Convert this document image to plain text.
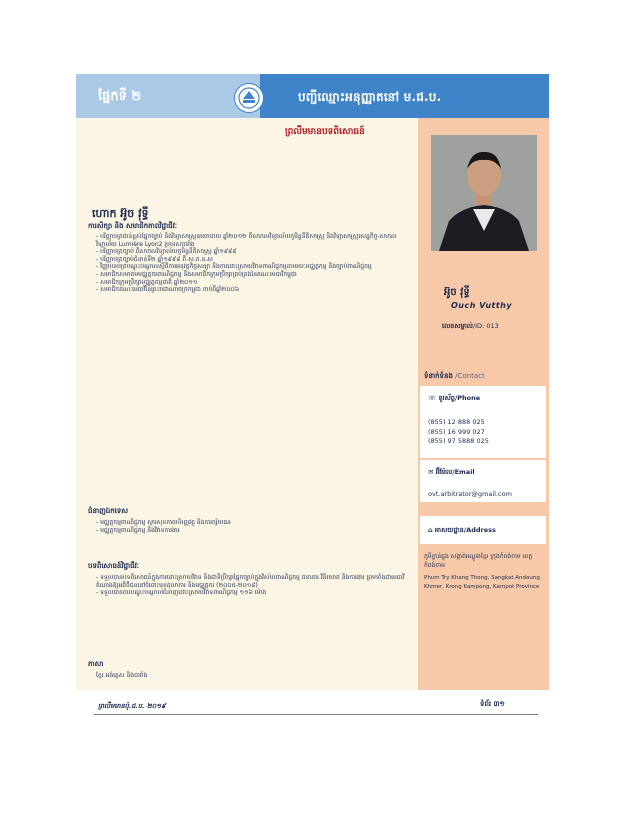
ផ្នែកទី ២	បញ្ជីឈ្មោះអនុញ្ញាតនៅ ម.ជ.ប.
ព្រលឹមមានបទពិសោធន៍
អ៊ូច វុទ្ធី
Ouch Vutthy
លេខសម្គាល់/ID: 013
ទំនាក់ទំនង /Contact
☏ ទូរស័ព្ទ/Phone
(855) 12 888 025
(855) 16 999 027
(855) 97 5888 025
✉ អ៊ីម៉ែល/Email
ovt.arbitrator@gmail.com
⌂ អាសយដ្ឋាន/Address
ភូមិខ្វាន់ធ្លុង សង្កាត់អណ្តូងខ្មែរ ក្រុងកំពង់ចាម ខេត្តកំពង់ចាម
Phum Try Khang Thong, Sangkat Andaung Khmer, Krong Kampong, Kampot Province
ហោក អ៊ូច វុទ្ធី
ការសិក្សា និង សមាជិកភាពវិជ្ជាជីវៈ

- បរិញ្ញាបត្រជាន់ខ្ពស់ផ្នែកច្បាប់ និងវិទ្យាសាស្ត្រនយោបាយ ឆ្នាំ២០១២ ពីសាកលវិទ្យាល័យភូមិន្ទនីតិសាស្ត្រ និងវិទ្យាសាស្ត្រសេដ្ឋកិច្ច-សាកលវិទ្យាល័យ Lumière Lyon2 ប្រទេសបារាំង

- បរិញ្ញាបត្រច្បាប់ ពីសាកលវិទ្យាល័យភូមិន្ទនីតិសាស្ត្រ ឆ្នាំ១៩៩៩

- បរិញ្ញាបត្រច្បាប់ជំនាន់ទី២ ឆ្នាំ១៩៩៨ ពី ស.ភ.ន.ស

- វិញ្ញាបនបត្របណ្តុះបណ្តាលស្តីពីការអនុវត្តកិច្ចសន្យា និងការដោះស្រាយវិវាទពាណិជ្ជកម្មតាមរយៈមជ្ឈត្តកម្ម និងច្បាប់ពាណិជ្ជកម្ម

- សមាជិកសមាគមមជ្ឈត្តករពាណិជ្ជកម្ម និងសមាជិកក្រុមប្រឹក្សាគ្រប់គ្រងនៃគណៈមេធាវីកម្ពុជា

- សមាជិកក្រុមប្រឹក្សាមជ្ឈត្តកម្មជាតិ ឆ្នាំ២០១១

- សមាជិកគណៈមេធាវីនៃព្រះរាជាណាចក្រកម្ពុជា ចាប់ពីឆ្នាំ២០០៦

ជំនាញឯកទេស

- មជ្ឈត្តកម្មពាណិជ្ជកម្ម ស្តារសុខភាពហិរញ្ញវត្ថុ និងការក្ស័យធន

- មជ្ឈត្តកម្មពាណិជ្ជកម្ម និងវិវាទការងារ

បទពិសោធន៍វិជ្ជាជីវៈ

- ទទួលបានបទពិសោធន៍ក្នុងការដោះស្រាយវិវាទ និងជាទីប្រឹក្សាផ្នែកច្បាប់ក្នុងវិស័យពាណិជ្ជកម្ម ធនាគារ វិនិយោគ និងការងារ ព្រមទាំងជាមេធាវីតំណាងឱ្យអតិថិជននៅចំពោះមុខតុលាការ និងមជ្ឈត្តករ (២០០៥-២០១៨)

- ទទួលបានការបណ្តុះបណ្តាលជំនាញដោះស្រាយវិវាទពាណិជ្ជកម្ម ១១៦ ម៉ោង

ភាសា
ខ្មែរ អង់គ្លេស និងបារាំង
ព្រលឹមមានប៉ុ.ជ.ប. ២០១៩	ទំព័រ ៣១
